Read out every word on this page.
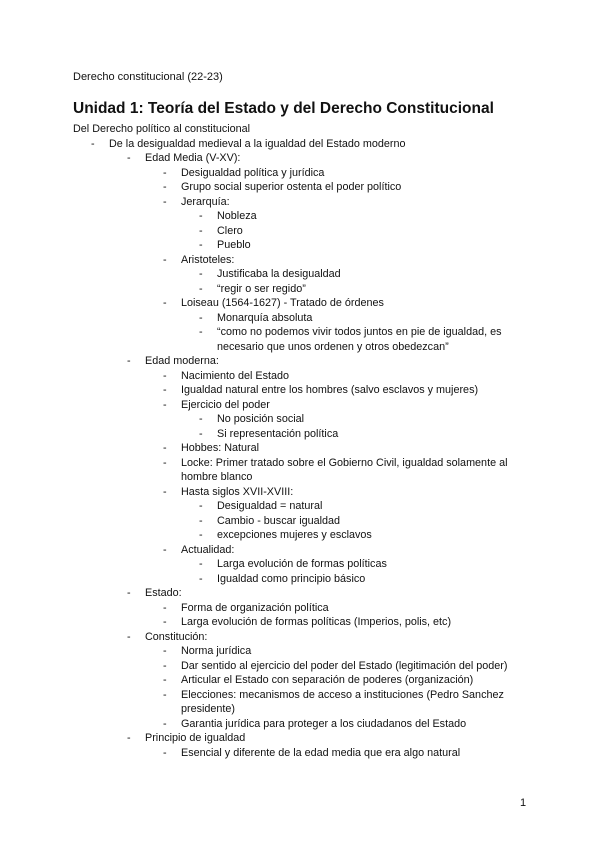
Derecho constitucional (22-23)
Unidad 1: Teoría del Estado y del Derecho Constitucional
Del Derecho político al constitucional
- De la desigualdad medieval a la igualdad del Estado moderno
- Edad Media (V-XV):
- Desigualdad política y jurídica
- Grupo social superior ostenta el poder político
- Jerarquía:
- Nobleza
- Clero
- Pueblo
- Aristoteles:
- Justificaba la desigualdad
- “regir o ser regido”
- Loiseau (1564-1627) - Tratado de órdenes
- Monarquía absoluta
- “como no podemos vivir todos juntos en pie de igualdad, es necesario que unos ordenen y otros obedezcan”
- Edad moderna:
- Nacimiento del Estado
- Igualdad natural entre los hombres (salvo esclavos y mujeres)
- Ejercicio del poder
- No posición social
- Si representación política
- Hobbes: Natural
- Locke: Primer tratado sobre el Gobierno Civil, igualdad solamente al hombre blanco
- Hasta siglos XVII-XVIII:
- Desigualdad = natural
- Cambio - buscar igualdad
- excepciones mujeres y esclavos
- Actualidad:
- Larga evolución de formas políticas
- Igualdad como principio básico
- Estado:
- Forma de organización política
- Larga evolución de formas políticas (Imperios, polis, etc)
- Constitución:
- Norma jurídica
- Dar sentido al ejercicio del poder del Estado (legitimación del poder)
- Articular el Estado con separación de poderes (organización)
- Elecciones: mecanismos de acceso a instituciones (Pedro Sanchez presidente)
- Garantia jurídica para proteger a los ciudadanos del Estado
- Principio de igualdad
- Esencial y diferente de la edad media que era algo natural
1
